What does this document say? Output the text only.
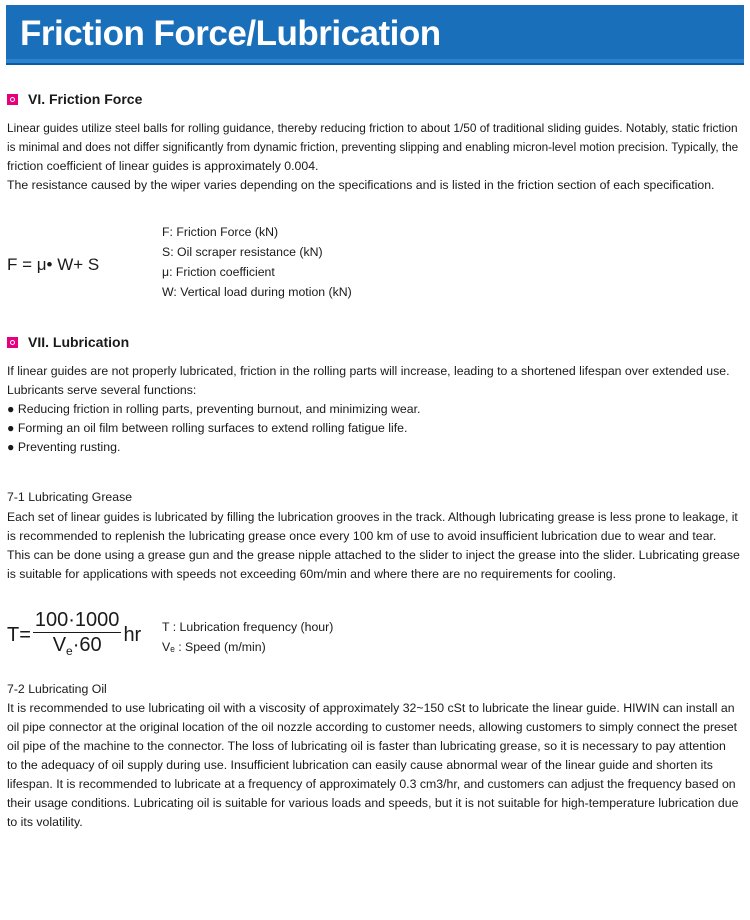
Friction Force/Lubrication
VI. Friction Force

Linear guides utilize steel balls for rolling guidance, thereby reducing friction to about 1/50 of traditional sliding guides. Notably, static friction
is minimal and does not differ significantly from dynamic friction, preventing slipping and enabling micron-level motion precision. Typically, the
friction coefficient of linear guides is approximately 0.004.
The resistance caused by the wiper varies depending on the specifications and is listed in the friction section of each specification.

F = μ• W+ S
F: Friction Force (kN)
S: Oil scraper resistance (kN)
μ: Friction coefficient
W: Vertical load during motion (kN)
VII. Lubrication

If linear guides are not properly lubricated, friction in the rolling parts will increase, leading to a shortened lifespan over extended use.
Lubricants serve several functions:
● Reducing friction in rolling parts, preventing burnout, and minimizing wear.
● Forming an oil film between rolling surfaces to extend rolling fatigue life.
● Preventing rusting.

7-1 Lubricating Grease

Each set of linear guides is lubricated by filling the lubrication grooves in the track. Although lubricating grease is less prone to leakage, it
is recommended to replenish the lubricating grease once every 100 km of use to avoid insufficient lubrication due to wear and tear.
This can be done using a grease gun and the grease nipple attached to the slider to inject the grease into the slider. Lubricating grease
is suitable for applications with speeds not exceeding 60m/min and where there are no requirements for cooling.

$T= \frac{100\cdot 1000}{V_e\cdot 60}$ hr T : Lubrication frequency (hour)
Vₑ : Speed (m/min)
7-2 Lubricating Oil

It is recommended to use lubricating oil with a viscosity of approximately 32~150 cSt to lubricate the linear guide. HIWIN can install an
oil pipe connector at the original location of the oil nozzle according to customer needs, allowing customers to simply connect the preset
oil pipe of the machine to the connector. The loss of lubricating oil is faster than lubricating grease, so it is necessary to pay attention
to the adequacy of oil supply during use. Insufficient lubrication can easily cause abnormal wear of the linear guide and shorten its
lifespan. It is recommended to lubricate at a frequency of approximately 0.3 cm3/hr, and customers can adjust the frequency based on
their usage conditions. Lubricating oil is suitable for various loads and speeds, but it is not suitable for high-temperature lubrication due
to its volatility.
